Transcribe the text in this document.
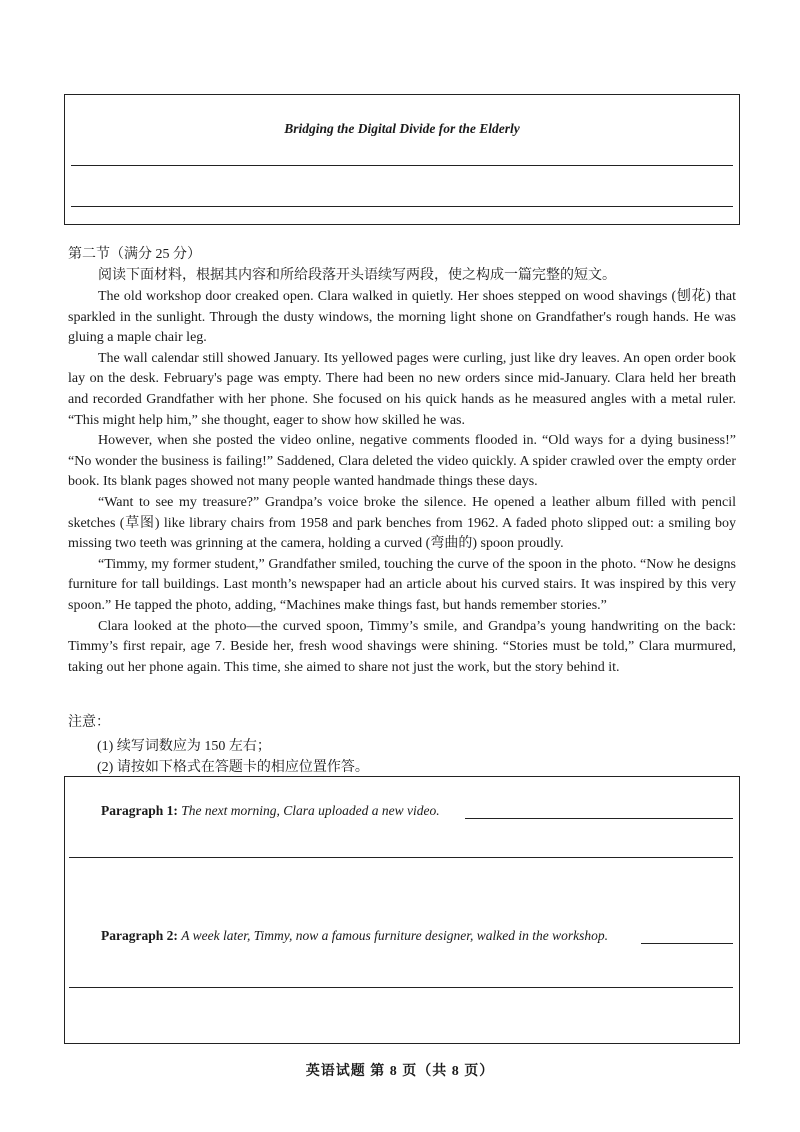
Bridging the Digital Divide for the Elderly
第二节（满分 25 分）
阅读下面材料，根据其内容和所给段落开头语续写两段，使之构成一篇完整的短文。

The old workshop door creaked open. Clara walked in quietly. Her shoes stepped on wood shavings (刨花) that sparkled in the sunlight. Through the dusty windows, the morning light shone on Grandfather's rough hands. He was gluing a maple chair leg.

The wall calendar still showed January. Its yellowed pages were curling, just like dry leaves. An open order book lay on the desk. February's page was empty. There had been no new orders since mid-January. Clara held her breath and recorded Grandfather with her phone. She focused on his quick hands as he measured angles with a metal ruler. “This might help him,” she thought, eager to show how skilled he was.

However, when she posted the video online, negative comments flooded in. “Old ways for a dying business!” “No wonder the business is failing!” Saddened, Clara deleted the video quickly. A spider crawled over the empty order book. Its blank pages showed not many people wanted handmade things these days.

“Want to see my treasure?” Grandpa’s voice broke the silence. He opened a leather album filled with pencil sketches (草图) like library chairs from 1958 and park benches from 1962. A faded photo slipped out: a smiling boy missing two teeth was grinning at the camera, holding a curved (弯曲的) spoon proudly.

“Timmy, my former student,” Grandfather smiled, touching the curve of the spoon in the photo. “Now he designs furniture for tall buildings. Last month’s newspaper had an article about his curved stairs. It was inspired by this very spoon.” He tapped the photo, adding, “Machines make things fast, but hands remember stories.”

Clara looked at the photo—the curved spoon, Timmy’s smile, and Grandpa’s young handwriting on the back: Timmy’s first repair, age 7. Beside her, fresh wood shavings were shining. “Stories must be told,” Clara murmured, taking out her phone again. This time, she aimed to share not just the work, but the story behind it.

注意：
(1) 续写词数应为 150 左右；
(2) 请按如下格式在答题卡的相应位置作答。
Paragraph 1: The next morning, Clara uploaded a new video.
Paragraph 2: A week later, Timmy, now a famous furniture designer, walked in the workshop.
英语试题 第 8 页（共 8 页）
